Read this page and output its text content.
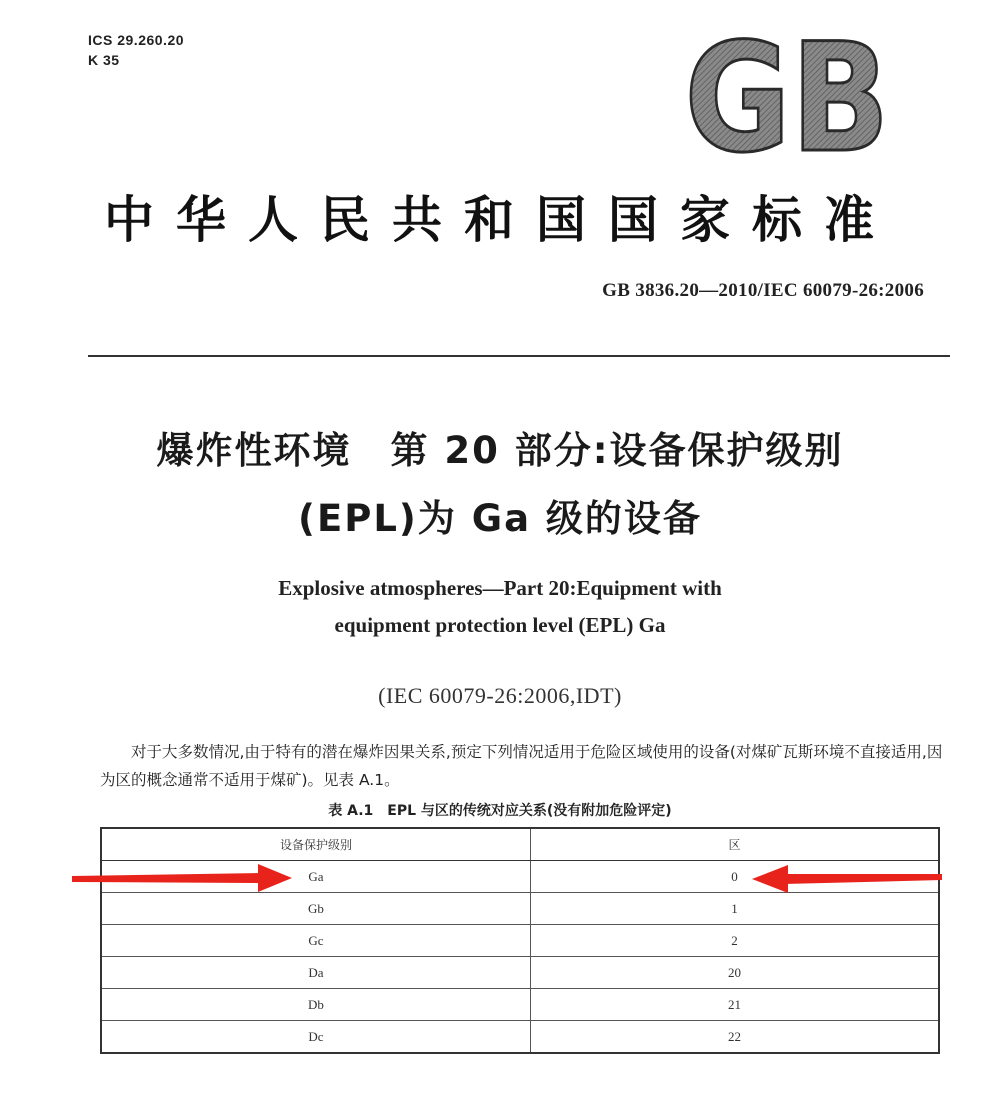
ICS 29.260.20
K 35	GB
中华人民共和国国家标准
GB 3836.20—2010/IEC 60079-26:2006
爆炸性环境　第 20 部分:设备保护级别
(EPL)为 Ga 级的设备
Explosive atmospheres—Part 20:Equipment with
equipment protection level (EPL) Ga
(IEC 60079-26:2006,IDT)
对于大多数情况,由于特有的潜在爆炸因果关系,预定下列情况适用于危险区域使用的设备(对煤矿瓦斯环境不直接适用,因为区的概念通常不适用于煤矿)。见表 A.1。
表 A.1　EPL 与区的传统对应关系(没有附加危险评定)
设备保护级别	区
Ga	0
Gb	1
Gc	2
Da	20
Db	21
Dc	22
